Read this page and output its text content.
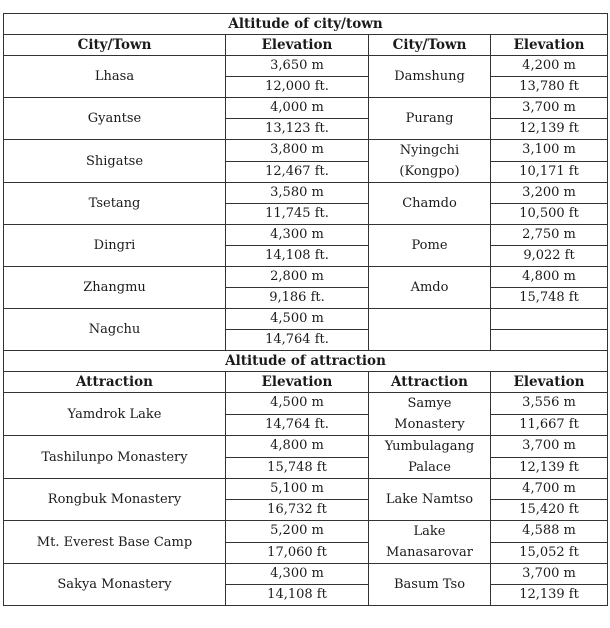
Altitude of city/town			
City/Town	Elevation	City/Town	Elevation
Lhasa	3,650 m	Damshung	4,200 m
	12,000 ft.		13,780 ft
Gyantse	4,000 m	Purang	3,700 m
	13,123 ft.		12,139 ft
Shigatse	3,800 m	Nyingchi (Kongpo)	3,100 m
	12,467 ft.		10,171 ft
Tsetang	3,580 m	Chamdo	3,200 m
	11,745 ft.		10,500 ft
Dingri	4,300 m	Pome	2,750 m
	14,108 ft.		9,022 ft
Zhangmu	2,800 m	Amdo	4,800 m
	9,186 ft.		15,748 ft
Nagchu	4,500 m		
	14,764 ft.		
Altitude of attraction			
Attraction	Elevation	Attraction	Elevation
Yamdrok Lake	4,500 m	Samye Monastery	3,556 m
	14,764 ft.		11,667 ft
Tashilunpo Monastery	4,800 m	Yumbulagang Palace	3,700 m
	15,748 ft		12,139 ft
Rongbuk Monastery	5,100 m	Lake Namtso	4,700 m
	16,732 ft		15,420 ft
Mt. Everest Base Camp	5,200 m	Lake Manasarovar	4,588 m
	17,060 ft		15,052 ft
Sakya Monastery	4,300 m	Basum Tso	3,700 m
	14,108 ft		12,139 ft
